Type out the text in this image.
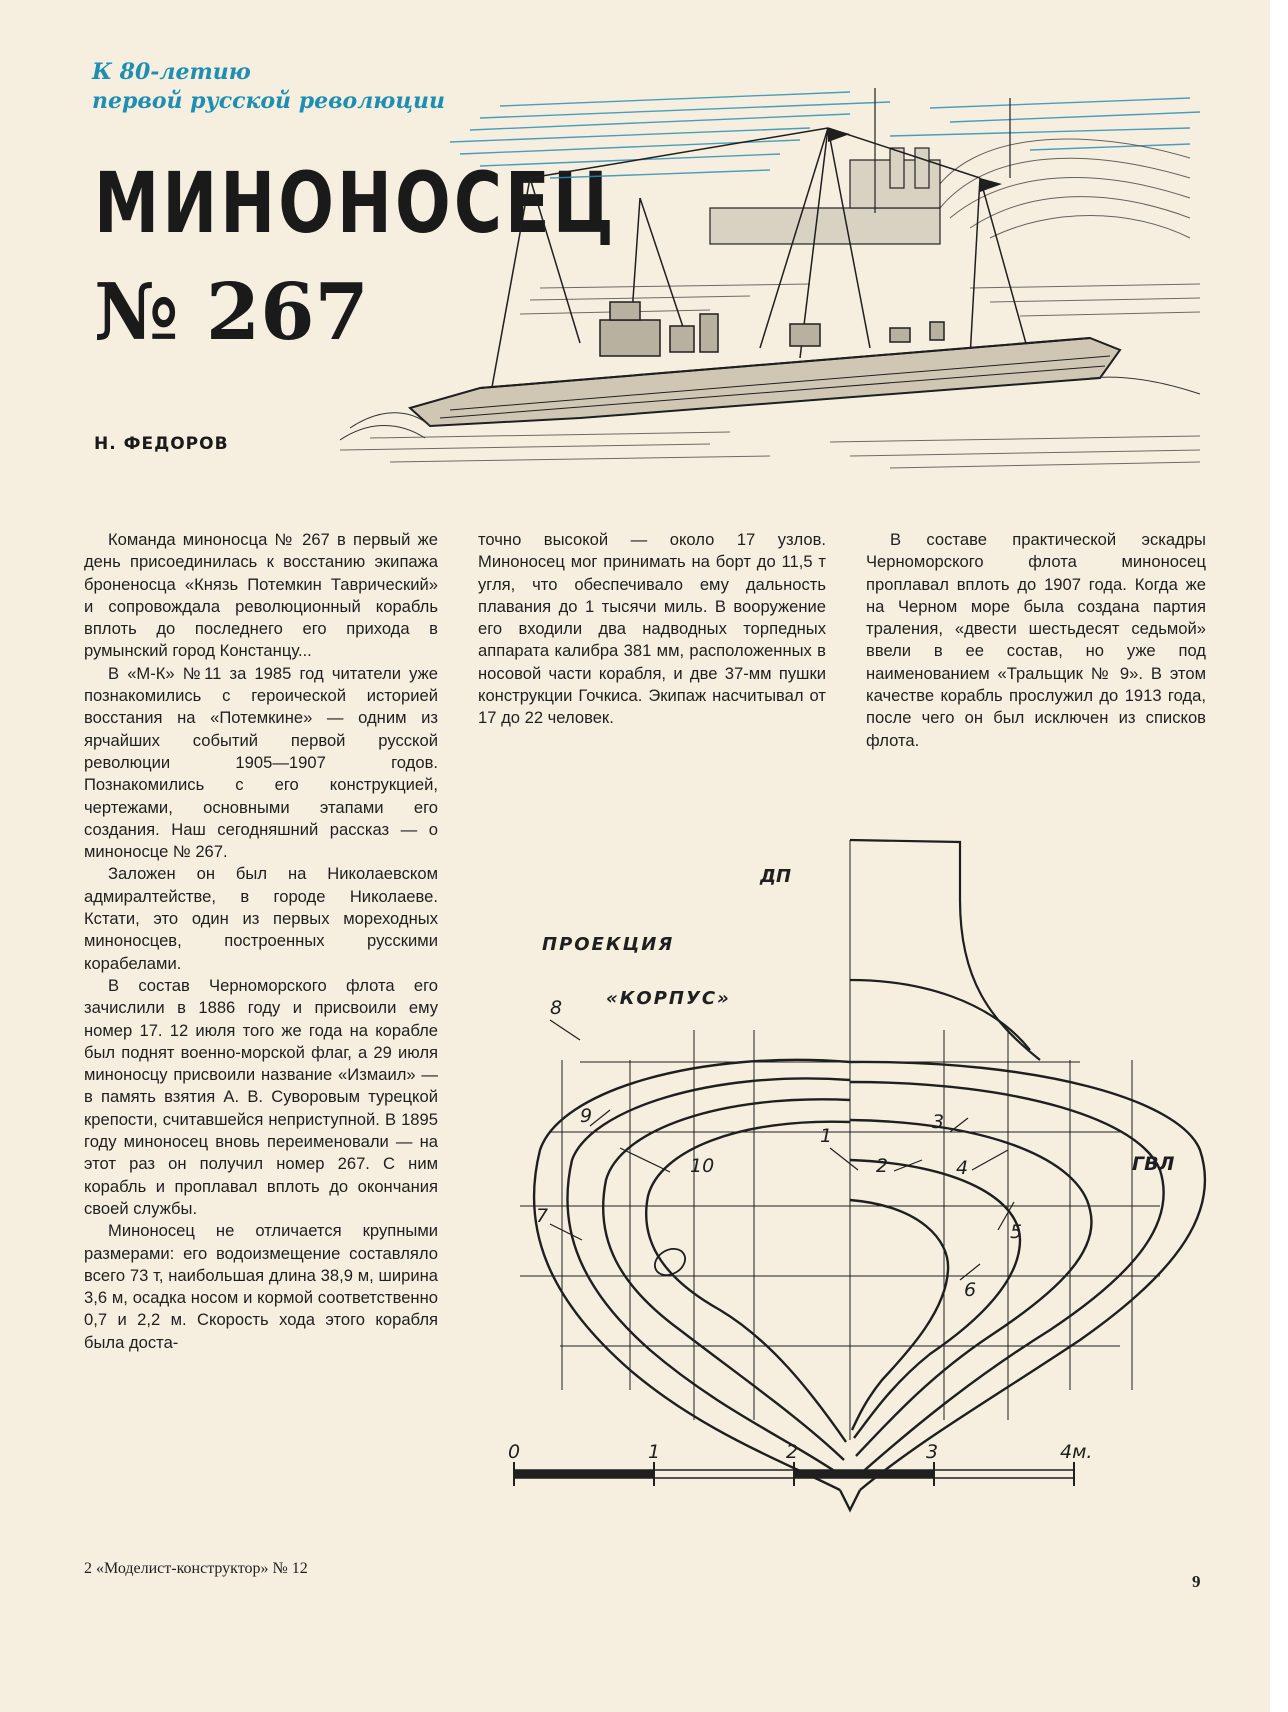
К 80-летию
первой русской революции
МИНОНОСЕЦ
№ 267
Н. ФЕДОРОВ

Команда миноносца № 267 в первый же день присоединилась к восстанию экипажа броненосца «Князь Потемкин Таврический» и сопровождала революционный корабль вплоть до последнего его прихода в румынский город Констанцу...

В «М-К» №11 за 1985 год читатели уже познакомились с героической историей восстания на «Потемкине» — одним из ярчайших событий первой русской революции 1905—1907 годов. Познакомились с его конструкцией, чертежами, основными этапами его создания. Наш сегодняшний рассказ — о миноносце № 267.

Заложен он был на Николаевском адмиралтействе, в городе Николаеве. Кстати, это один из первых мореходных миноносцев, построенных русскими корабелами.

В состав Черноморского флота его зачислили в 1886 году и присвоили ему номер 17. 12 июля того же года на корабле был поднят военно-морской флаг, а 29 июля миноносцу присвоили название «Измаил» — в память взятия А. В. Суворовым турецкой крепости, считавшейся неприступной. В 1895 году миноносец вновь переименовали — на этот раз он получил номер 267. С ним корабль и проплавал вплоть до окончания своей службы.

Миноносец не отличается крупными размерами: его водоизмещение составляло всего 73 т, наибольшая длина 38,9 м, ширина 3,6 м, осадка носом и кормой соответственно 0,7 и 2,2 м. Скорость хода этого корабля была доста-

точно высокой — около 17 узлов. Миноносец мог принимать на борт до 11,5 т угля, что обеспечивало ему дальность плавания до 1 тысячи миль. В вооружение его входили два надводных торпедных аппарата калибра 381 мм, расположенных в носовой части корабля, и две 37-мм пушки конструкции Гочкиса. Экипаж насчитывал от 17 до 22 человек.

В составе практической эскадры Черноморского флота миноносец проплавал вплоть до 1907 года. Когда же на Черном море была создана партия траления, «двести шестьдесят седьмой» ввели в ее состав, но уже под наименованием «Тральщик № 9». В этом качестве корабль прослужил до 1913 года, после чего он был исключен из списков флота.

ДП
ПРОЕКЦИЯ
«КОРПУС»
ГВЛ
1
2
3
4
5
6
7
8
9
10
0	1	2	3	4м.
2 «Моделист-конструктор» № 12
9
